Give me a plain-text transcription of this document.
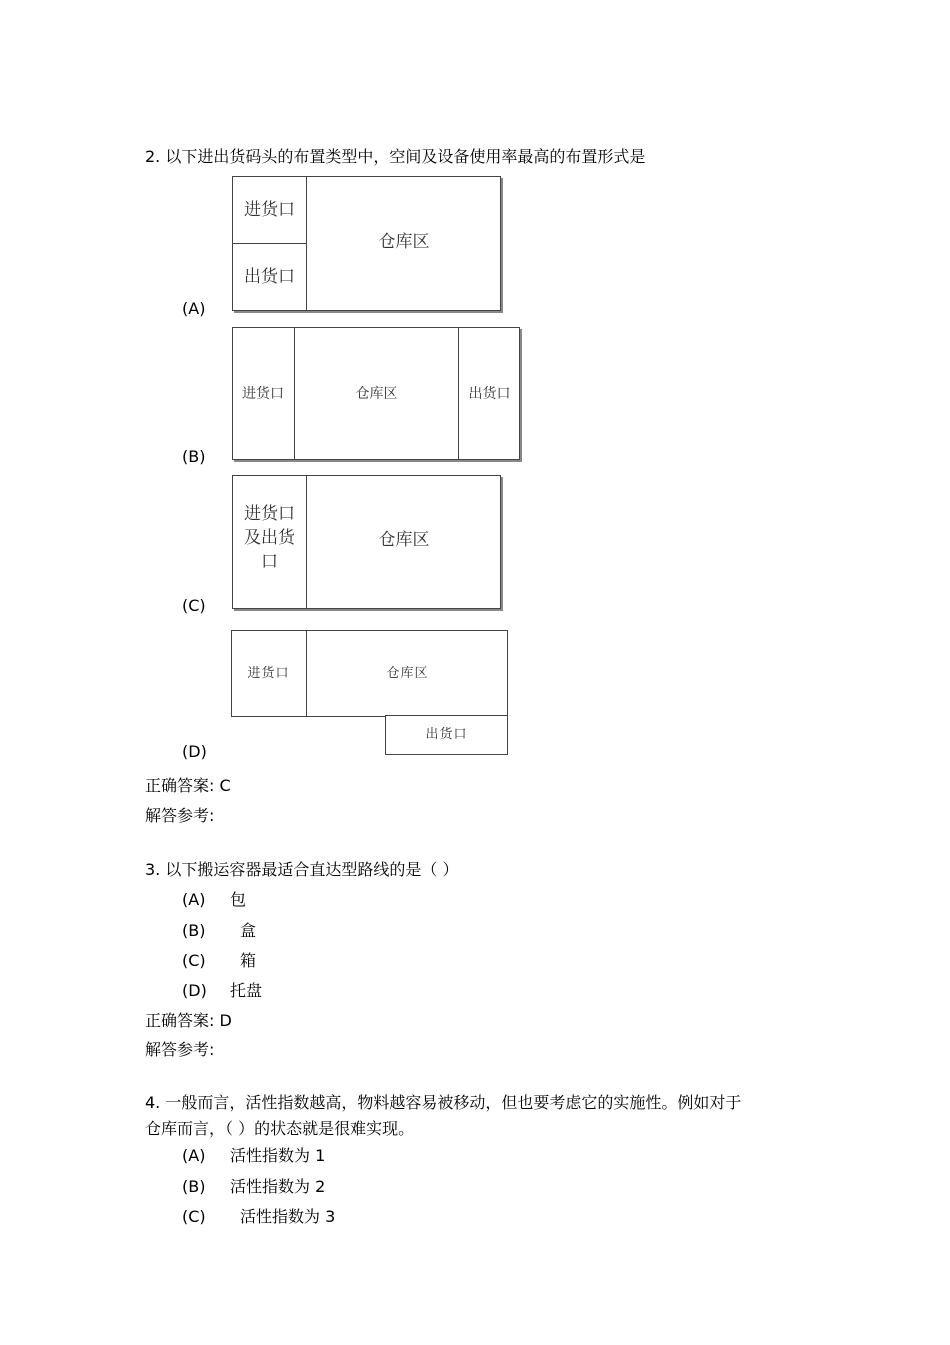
2. 以下进出货码头的布置类型中，空间及设备使用率最高的布置形式是
进货口
出货口
仓库区
(A)
进货口	仓库区	出货口
(B)
进货口
及出货
口
仓库区
(C)
进货口	仓库区
出货口
(D)
正确答案: C
解答参考:
3. 以下搬运容器最适合直达型路线的是（ ）
(A) 包
(B) 盒
(C) 箱
(D) 托盘
正确答案: D
解答参考:
4. 一般而言，活性指数越高，物料越容易被移动，但也要考虑它的实施性。例如对于
仓库而言，（ ）的状态就是很难实现。
(A) 活性指数为 1
(B) 活性指数为 2
(C) 活性指数为 3
